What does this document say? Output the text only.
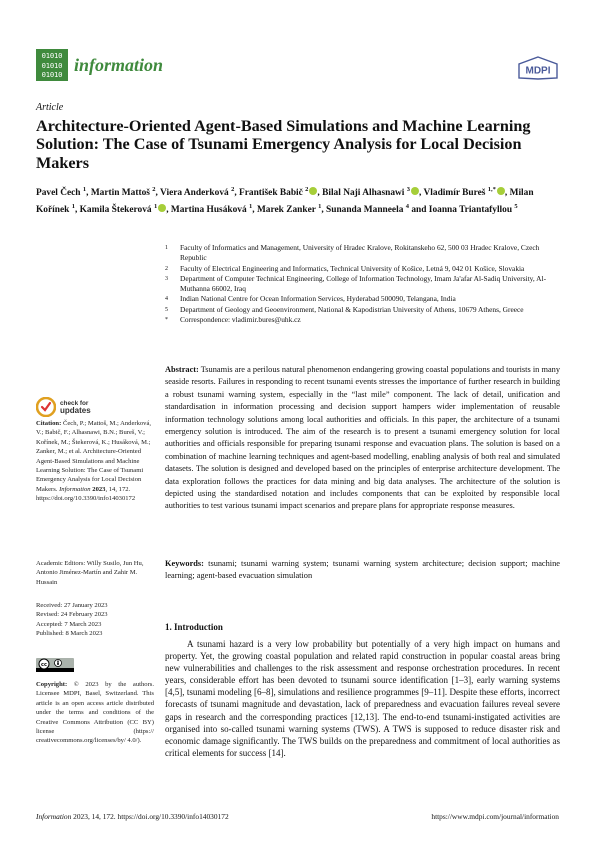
01010
01010
01010 information	MDPI
Article
Architecture-Oriented Agent-Based Simulations and Machine Learning Solution: The Case of Tsunami Emergency Analysis for Local Decision Makers
Pavel Čech $^1$, Martin Mattoš $^2$, Viera Anderková $^2$, František Babič $^2$ , Bilal Naji Alhasnawi $^3$ , Vladimír Bureš $^{1,*}$ , Milan Kořínek $^1$, Kamila Štekerová $^1$ , Martina Husáková $^1$, Marek Zanker $^1$, Sunanda Manneela $^4$ and Ioanna Triantafyllou $^5$
1	Faculty of Informatics and Management, University of Hradec Kralove, Rokitanskeho 62, 500 03 Hradec Kralove, Czech Republic
2	Faculty of Electrical Engineering and Informatics, Technical University of Košice, Letná 9, 042 01 Košice, Slovakia
3	Department of Computer Technical Engineering, College of Information Technology, Imam Ja'afar Al-Sadiq University, Al-Muthanna 66002, Iraq
4	Indian National Centre for Ocean Information Services, Hyderabad 500090, Telangana, India
5	Department of Geology and Geoenvironment, National & Kapodistrian University of Athens, 10679 Athens, Greece
*	Correspondence: vladimir.bures@uhk.cz
Abstract: Tsunamis are a perilous natural phenomenon endangering growing coastal populations and tourists in many seaside resorts. Failures in responding to recent tsunami events stresses the importance of further research in building a robust tsunami warning system, especially in the “last mile” component. The lack of detail, unification and standardisation in information processing and decision support hampers wider implementation of reusable information technology solutions among local authorities and officials. In this paper, the architecture of a tsunami emergency solution is introduced. The aim of the research is to present a tsunami emergency solution for local authorities and officials responsible for preparing tsunami response and evacuation plans. The solution is based on a combination of machine learning techniques and agent-based modelling, enabling analysis of both real and simulated datasets. The solution is designed and developed based on the principles of enterprise architecture development. The data exploration follows the practices for data mining and big data analyses. The architecture of the solution is depicted using the standardised notation and includes components that can be exploited by responsible local authorities to test various tsunami impact scenarios and prepare plans for appropriate response measures.
Keywords: tsunami; tsunami warning system; tsunami warning system architecture; decision support; machine learning; agent-based evacuation simulation
1. Introduction

A tsunami hazard is a very low probability but potentially of a very high impact on humans and property. Yet, the growing coastal population and related rapid construction in popular coastal areas bring new vulnerabilities and challenges to the risk assessment and response orchestration procedures. In recent years, considerable effort has been devoted to tsunami source identification [1–3], early warning systems [4,5], tsunami modeling [6–8], simulations and resilience programmes [9–11]. Despite these efforts, incorrect forecasts of tsunami magnitude and devastation, lack of preparedness and evacuation failures reveal severe gaps in research and the corresponding practices [12,13]. The end-to-end tsunami-instigated activities are organised into so-called tsunami warning systems (TWS). A TWS is supposed to reduce disaster risk and economic damage significantly. The TWS builds on the preparedness and commitment of local authorities as critical elements for success [14].

check for
updates
Citation: Čech, P.; Mattoš, M.; Anderková, V.; Babič, F.; Alhasnawi, B.N.; Bureš, V.; Kořínek, M.; Štekerová, K.; Husáková, M.; Zanker, M.; et al. Architecture-Oriented Agent-Based Simulations and Machine Learning Solution: The Case of Tsunami Emergency Analysis for Local Decision Makers. Information 2023, 14, 172. https://doi.org/10.3390/info14030172
Academic Editors: Willy Susilo, Jun Hu, Antonio Jiménez-Martín and Zahir M. Hussain
Received: 27 January 2023
Revised: 24 February 2023
Accepted: 7 March 2023
Published: 8 March 2023
cc
Copyright: © 2023 by the authors. Licensee MDPI, Basel, Switzerland. This article is an open access article distributed under the terms and conditions of the Creative Commons Attribution (CC BY) license (https:// creativecommons.org/licenses/by/ 4.0/).
Information 2023, 14, 172. https://doi.org/10.3390/info14030172	https://www.mdpi.com/journal/information
